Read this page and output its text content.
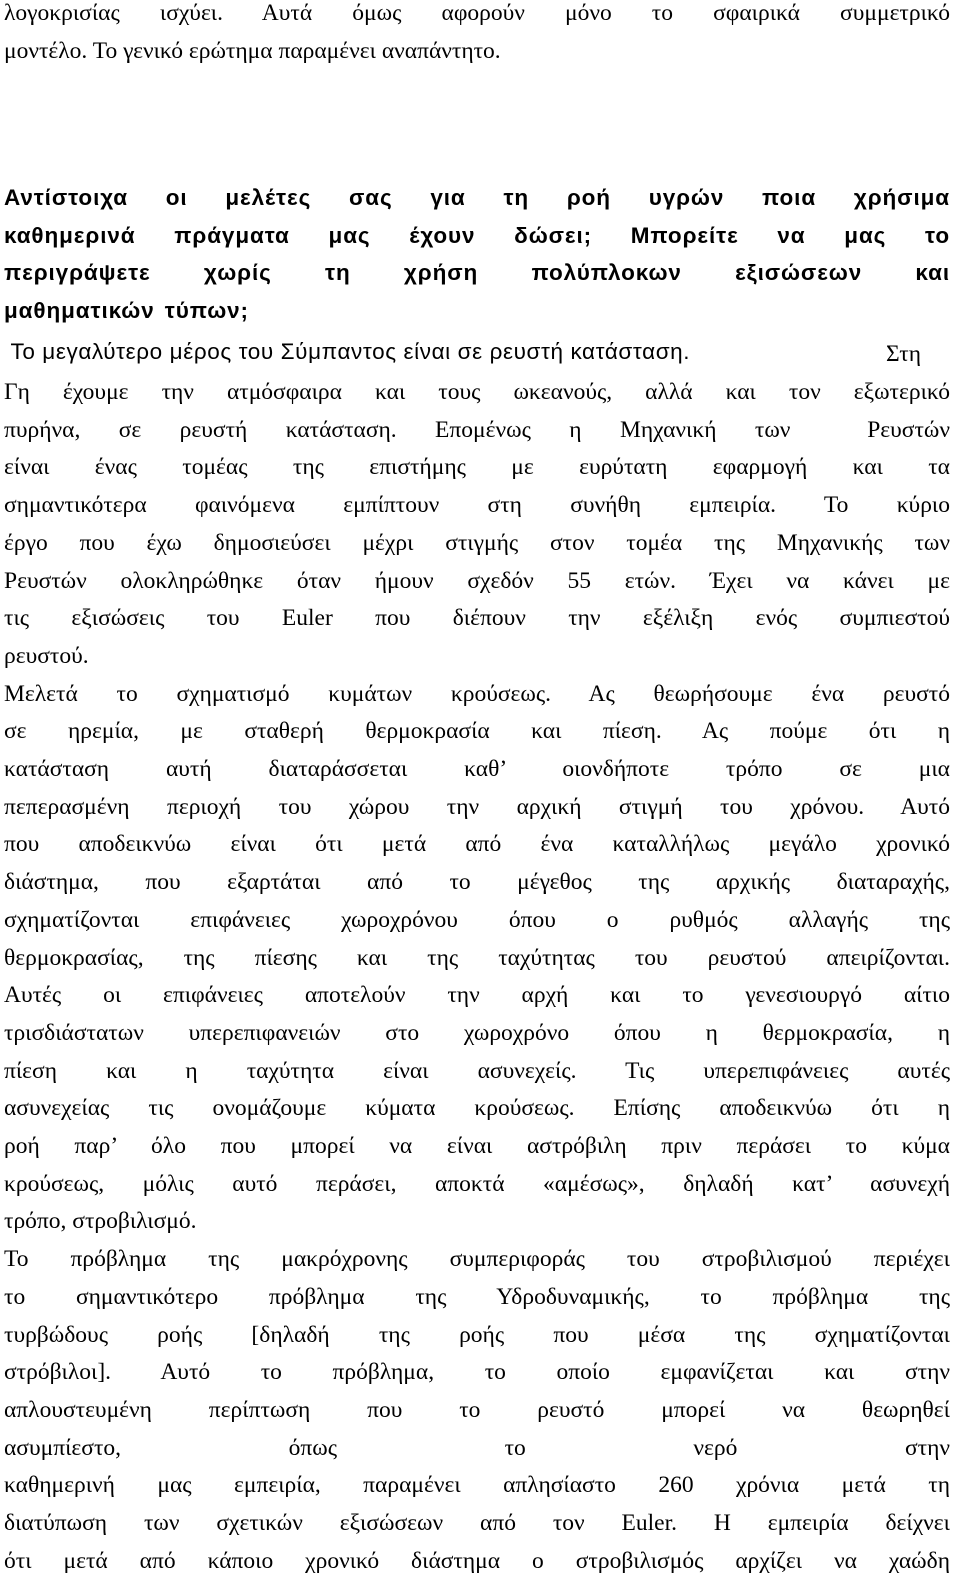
λογοκρισίας ισχύει. Αυτά όμως αφορούν μόνο το σφαιρικά συμμετρικό
μοντέλο. Το γενικό ερώτημα παραμένει αναπάντητο.
Αντίστοιχα οι μελέτες σας για τη ροή υγρών ποια χρήσιμα
καθημερινά πράγματα μας έχουν δώσει; Μπορείτε να μας το
περιγράψετε χωρίς τη χρήση πολύπλοκων εξισώσεων και
μαθηματικών τύπων;
Το μεγαλύτερο μέρος του Σύμπαντος είναι σε ρευστή κατάσταση.	Στη
Γη έχουμε την ατμόσφαιρα και τους ωκεανούς, αλλά και τον εξωτερικό
πυρήνα, σε ρευστή κατάσταση. Επομένως η Μηχανική των  Ρευστών
είναι ένας τομέας της επιστήμης με ευρύτατη εφαρμογή και τα
σημαντικότερα φαινόμενα εμπίπτουν στη συνήθη εμπειρία. Το κύριο
έργο που έχω δημοσιεύσει μέχρι στιγμής στον τομέα της Μηχανικής των
Ρευστών ολοκληρώθηκε όταν ήμουν σχεδόν 55 ετών. Έχει να κάνει με
τις εξισώσεις του Euler που διέπουν την εξέλιξη ενός συμπιεστού
ρευστού.
Μελετά το σχηματισμό κυμάτων κρούσεως. Ας θεωρήσουμε ένα ρευστό
σε ηρεμία, με σταθερή θερμοκρασία και πίεση. Ας πούμε ότι η
κατάσταση αυτή διαταράσσεται καθ’ οιονδήποτε τρόπο σε μια
πεπερασμένη περιοχή του χώρου την αρχική στιγμή του χρόνου. Αυτό
που αποδεικνύω είναι ότι μετά από ένα καταλλήλως μεγάλο χρονικό
διάστημα, που εξαρτάται από το μέγεθος της αρχικής διαταραχής,
σχηματίζονται επιφάνειες χωροχρόνου όπου ο ρυθμός αλλαγής της
θερμοκρασίας, της πίεσης και της ταχύτητας του ρευστού απειρίζονται.
Αυτές οι επιφάνειες αποτελούν την αρχή και το γενεσιουργό αίτιο
τρισδιάστατων υπερεπιφανειών στο χωροχρόνο όπου η θερμοκρασία, η
πίεση και η ταχύτητα είναι ασυνεχείς. Τις υπερεπιφάνειες αυτές
ασυνεχείας τις ονομάζουμε κύματα κρούσεως. Επίσης αποδεικνύω ότι η
ροή παρ’ όλο που μπορεί να είναι αστρόβιλη πριν περάσει το κύμα
κρούσεως, μόλις αυτό περάσει, αποκτά «αμέσως», δηλαδή κατ’ ασυνεχή
τρόπο, στροβιλισμό.
Το πρόβλημα της μακρόχρονης συμπεριφοράς του στροβιλισμού περιέχει
το σημαντικότερο πρόβλημα της Υδροδυναμικής, το πρόβλημα της
τυρβώδους ροής [δηλαδή της ροής που μέσα της σχηματίζονται
στρόβιλοι]. Αυτό το πρόβλημα, το οποίο εμφανίζεται και στην
απλουστευμένη περίπτωση που το ρευστό μπορεί να θεωρηθεί
ασυμπίεστο, όπως το νερό στην
καθημερινή μας εμπειρία, παραμένει απλησίαστο 260 χρόνια μετά τη
διατύπωση των σχετικών εξισώσεων από τον Euler. Η εμπειρία δείχνει
ότι μετά από κάποιο χρονικό διάστημα ο στροβιλισμός αρχίζει να χαώδη
